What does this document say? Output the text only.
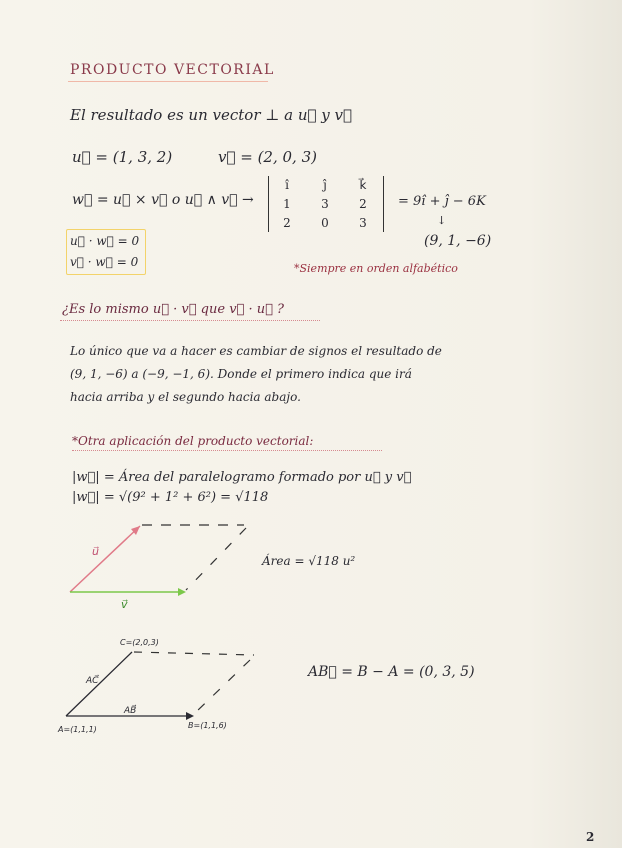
PRODUCTO VECTORIAL
El resultado es un vector ⊥ a u⃗ y v⃗
u⃗ = (1, 3, 2)	v⃗ = (2, 0, 3)
w⃗ = u⃗ × v⃗ o u⃗ ∧ v⃗ →
î	ĵ	k⃗
1	3	2
2	0	3
= 9î + ĵ − 6K
↓
(9, 1, −6)
u⃗ · w⃗ = 0
v⃗ · w⃗ = 0	*Siempre en orden alfabético
¿Es lo mismo u⃗ · v⃗ que v⃗ · u⃗ ?
Lo único que va a hacer es cambiar de signos el resultado de
(9, 1, −6) a (−9, −1, 6). Donde el primero indica que irá
hacia arriba y el segundo hacia abajo.
*Otra aplicación del producto vectorial:
|w⃗| = Área del paralelogramo formado por u⃗ y v⃗
|w⃗| = √(9² + 1² + 6²) = √118
u⃗
v⃗
C=(2,0,3)
A=(1,1,1)	B=(1,1,6)
AC⃗
AB⃗
Área = √118 u²
AB⃗ = B − A = (0, 3, 5)
2
